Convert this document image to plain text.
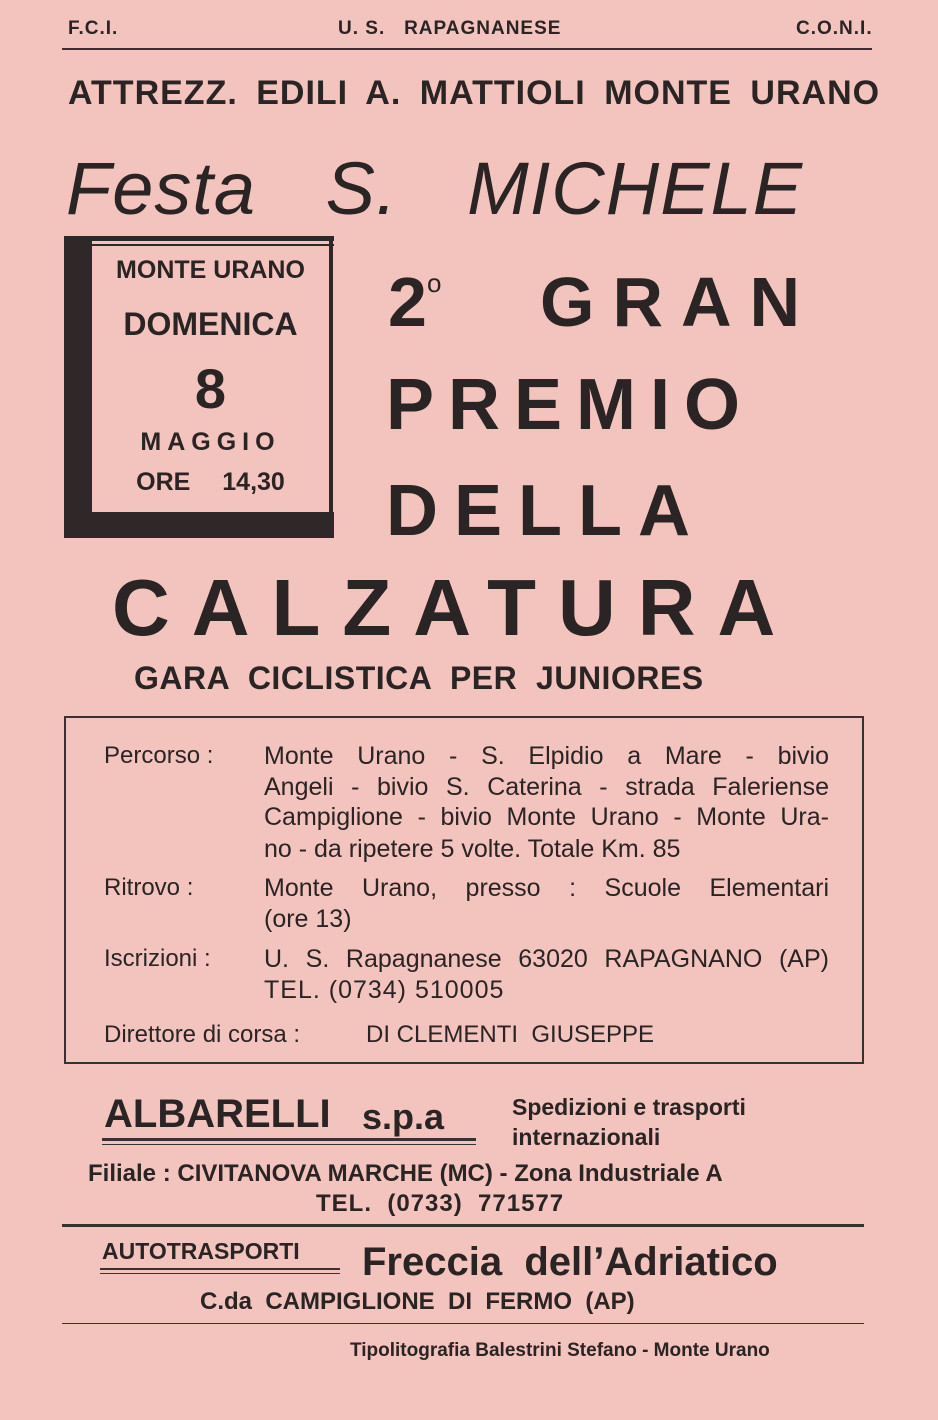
F.C.I.	U. S.   RAPAGNANESE	C.O.N.I.
ATTREZZ. EDILI A. MATTIOLI MONTE URANO
Festa S. MICHELE
MONTE URANO
DOMENICA
8
MAGGIO
ORE 14,30
2$^o$ GRAN
PREMIO
DELLA
CALZATURA
GARA  CICLISTICA  PER  JUNIORES
Percorso : Monte Urano - S. Elpidio a Mare - bivio
Angeli - bivio S. Caterina - strada Faleriense
Campiglione - bivio Monte Urano - Monte Ura-
no - da ripetere 5 volte. Totale Km. 85
Ritrovo :	Monte Urano, presso : Scuole Elementari
(ore 13)
Iscrizioni : U. S. Rapagnanese 63020 RAPAGNANO (AP)
TEL. (0734) 510005
Direttore di corsa :	DI CLEMENTI  GIUSEPPE
ALBARELLI s.p.a	Spedizioni e trasporti
internazionali
Filiale : CIVITANOVA MARCHE (MC) - Zona Industriale A
TEL.  (0733)  771577
AUTOTRASPORTI Freccia  dell’Adriatico
C.da  CAMPIGLIONE  DI  FERMO  (AP)
Tipolitografia Balestrini Stefano - Monte Urano
